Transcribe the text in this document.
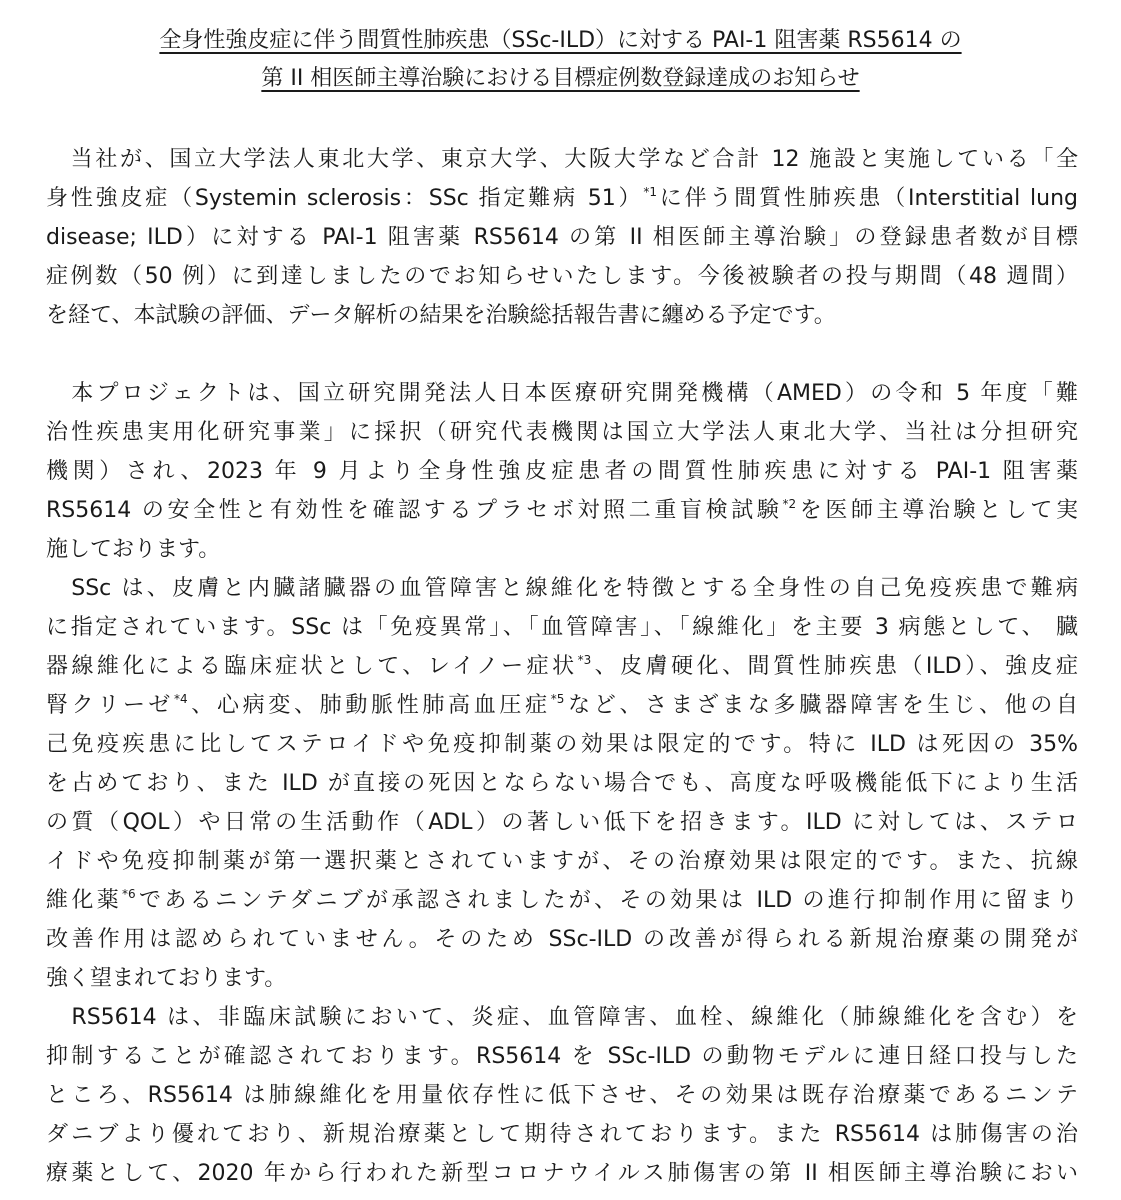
全身性強皮症に伴う間質性肺疾患（SSc-ILD）に対する PAI-1 阻害薬 RS5614 の
第 II 相医師主導治験における目標症例数登録達成のお知らせ
　当社が、国立大学法人東北大学、東京大学、大阪大学など合計 12 施設と実施している「全
身性強皮症（Systemin sclerosis：SSc 指定難病 51）$^{*1}$に伴う間質性肺疾患（Interstitial lung
disease; ILD）に対する PAI-1 阻害薬 RS5614 の第 II 相医師主導治験」の登録患者数が目標
症例数（50 例）に到達しましたのでお知らせいたします。今後被験者の投与期間（48 週間）
を経て、本試験の評価、データ解析の結果を治験総括報告書に纏める予定です。
　本プロジェクトは、国立研究開発法人日本医療研究開発機構（AMED）の令和 5 年度「難
治性疾患実用化研究事業」に採択（研究代表機関は国立大学法人東北大学、当社は分担研究
機関）され、2023 年 9 月より全身性強皮症患者の間質性肺疾患に対する PAI-1 阻害薬
RS5614 の安全性と有効性を確認するプラセボ対照二重盲検試験$^{*2}$を医師主導治験として実
施しております。
　SSc は、皮膚と内臓諸臓器の血管障害と線維化を特徴とする全身性の自己免疫疾患で難病
に指定されています。SSc は「免疫異常」、「血管障害」、「線維化」を主要 3 病態として、 臓
器線維化による臨床症状として、レイノー症状$^{*3}$、皮膚硬化、間質性肺疾患（ILD）、強皮症
腎クリーゼ$^{*4}$、心病変、肺動脈性肺高血圧症$^{*5}$など、さまざまな多臓器障害を生じ、他の自
己免疫疾患に比してステロイドや免疫抑制薬の効果は限定的です。特に ILD は死因の 35%
を占めており、また ILD が直接の死因とならない場合でも、高度な呼吸機能低下により生活
の質（QOL）や日常の生活動作（ADL）の著しい低下を招きます。ILD に対しては、ステロ
イドや免疫抑制薬が第一選択薬とされていますが、その治療効果は限定的です。また、抗線
維化薬$^{*6}$であるニンテダニブが承認されましたが、その効果は ILD の進行抑制作用に留まり
改善作用は認められていません。そのため SSc-ILD の改善が得られる新規治療薬の開発が
強く望まれております。
　RS5614 は、非臨床試験において、炎症、血管障害、血栓、線維化（肺線維化を含む）を
抑制することが確認されております。RS5614 を SSc-ILD の動物モデルに連日経口投与した
ところ、RS5614 は肺線維化を用量依存性に低下させ、その効果は既存治療薬であるニンテ
ダニブより優れており、新規治療薬として期待されております。また RS5614 は肺傷害の治
療薬として、2020 年から行われた新型コロナウイルス肺傷害の第 II 相医師主導治験におい
